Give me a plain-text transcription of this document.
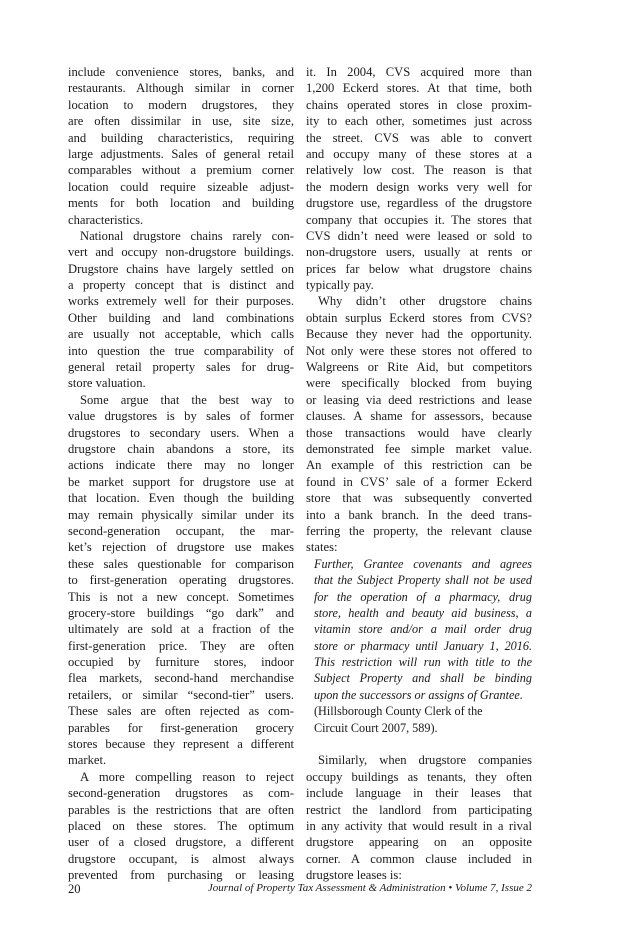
include convenience stores, banks, and
restaurants. Although similar in corner
location to modern drugstores, they
are often dissimilar in use, site size,
and building characteristics, requiring
large adjustments. Sales of general retail
comparables without a premium corner
location could require sizeable adjust-
ments for both location and building
characteristics.
National drugstore chains rarely con-
vert and occupy non-drugstore buildings.
Drugstore chains have largely settled on
a property concept that is distinct and
works extremely well for their purposes.
Other building and land combinations
are usually not acceptable, which calls
into question the true comparability of
general retail property sales for drug-
store valuation.
Some argue that the best way to
value drugstores is by sales of former
drugstores to secondary users. When a
drugstore chain abandons a store, its
actions indicate there may no longer
be market support for drugstore use at
that location. Even though the building
may remain physically similar under its
second-generation occupant, the mar-
ket’s rejection of drugstore use makes
these sales questionable for comparison
to first-generation operating drugstores.
This is not a new concept. Sometimes
grocery-store buildings “go dark” and
ultimately are sold at a fraction of the
first-generation price. They are often
occupied by furniture stores, indoor
flea markets, second-hand merchandise
retailers, or similar “second-tier” users.
These sales are often rejected as com-
parables for first-generation grocery
stores because they represent a different
market.
A more compelling reason to reject
second-generation drugstores as com-
parables is the restrictions that are often
placed on these stores. The optimum
user of a closed drugstore, a different
drugstore occupant, is almost always
prevented from purchasing or leasing
it. In 2004, CVS acquired more than
1,200 Eckerd stores. At that time, both
chains operated stores in close proxim-
ity to each other, sometimes just across
the street. CVS was able to convert
and occupy many of these stores at a
relatively low cost. The reason is that
the modern design works very well for
drugstore use, regardless of the drugstore
company that occupies it. The stores that
CVS didn’t need were leased or sold to
non-drugstore users, usually at rents or
prices far below what drugstore chains
typically pay.
Why didn’t other drugstore chains
obtain surplus Eckerd stores from CVS?
Because they never had the opportunity.
Not only were these stores not offered to
Walgreens or Rite Aid, but competitors
were specifically blocked from buying
or leasing via deed restrictions and lease
clauses. A shame for assessors, because
those transactions would have clearly
demonstrated fee simple market value.
An example of this restriction can be
found in CVS’ sale of a former Eckerd
store that was subsequently converted
into a bank branch. In the deed trans-
ferring the property, the relevant clause
states:
Further, Grantee covenants and agrees
that the Subject Property shall not be used
for the operation of a pharmacy, drug
store, health and beauty aid business, a
vitamin store and/or a mail order drug
store or pharmacy until January 1, 2016.
This restriction will run with title to the
Subject Property and shall be binding
upon the successors or assigns of Grantee.
(Hillsborough County Clerk of the
Circuit Court 2007, 589).
Similarly, when drugstore companies
occupy buildings as tenants, they often
include language in their leases that
restrict the landlord from participating
in any activity that would result in a rival
drugstore appearing on an opposite
corner. A common clause included in
drugstore leases is:
20	Journal of Property Tax Assessment & Administration • Volume 7, Issue 2
